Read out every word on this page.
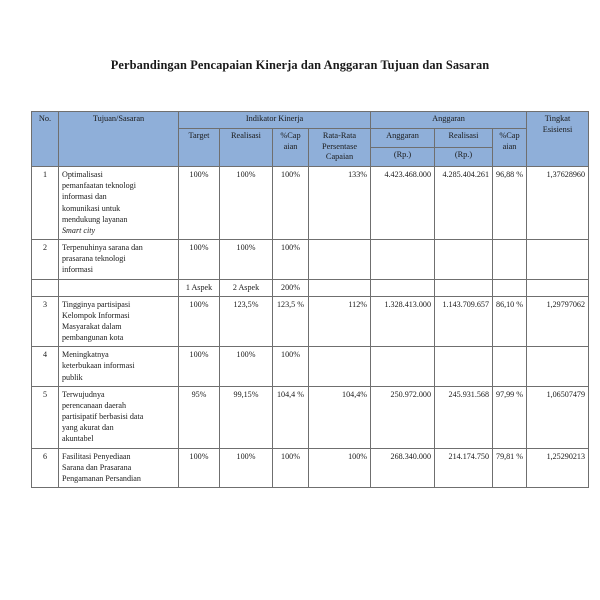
Perbandingan Pencapaian Kinerja dan Anggaran Tujuan dan Sasaran
No.	Tujuan/Sasaran	Indikator Kinerja				Anggaran			Tingkat Esisiensi
		Target	Realisasi	%Cap aian	Rata-Rata Persentase Capaian	Anggaran	Realisasi	%Cap aian	
						(Rp.)	(Rp.)		
1	Optimalisasi
pemanfaatan teknologi
informasi dan
komunikasi untuk
mendukung layanan
Smart city
	100%	100%	100%	133%	4.423.468.000	4.285.404.261	96,88 %	1,37628960
2	Terpenuhinya sarana dan
prasarana teknologi
informasi	100%	100%	100%					
		1 Aspek	2 Aspek	200%					
3	Tingginya partisipasi
Kelompok Informasi
Masyarakat dalam
pembangunan kota	100%	123,5%	123,5 %	112%	1.328.413.000	1.143.709.657	86,10 %	1,29797062
4	Meningkatnya
keterbukaan informasi
publik	100%	100%	100%					
5	Terwujudnya
perencanaan daerah
partisipatif berbasisi data
yang akurat dan
akuntabel	95%	99,15%	104,4 %	104,4%	250.972.000	245.931.568	97,99 %	1,06507479
6	Fasilitasi Penyediaan
Sarana dan Prasarana
Pengamanan Persandian	100%	100%	100%	100%	268.340.000	214.174.750	79,81 %	1,25290213
